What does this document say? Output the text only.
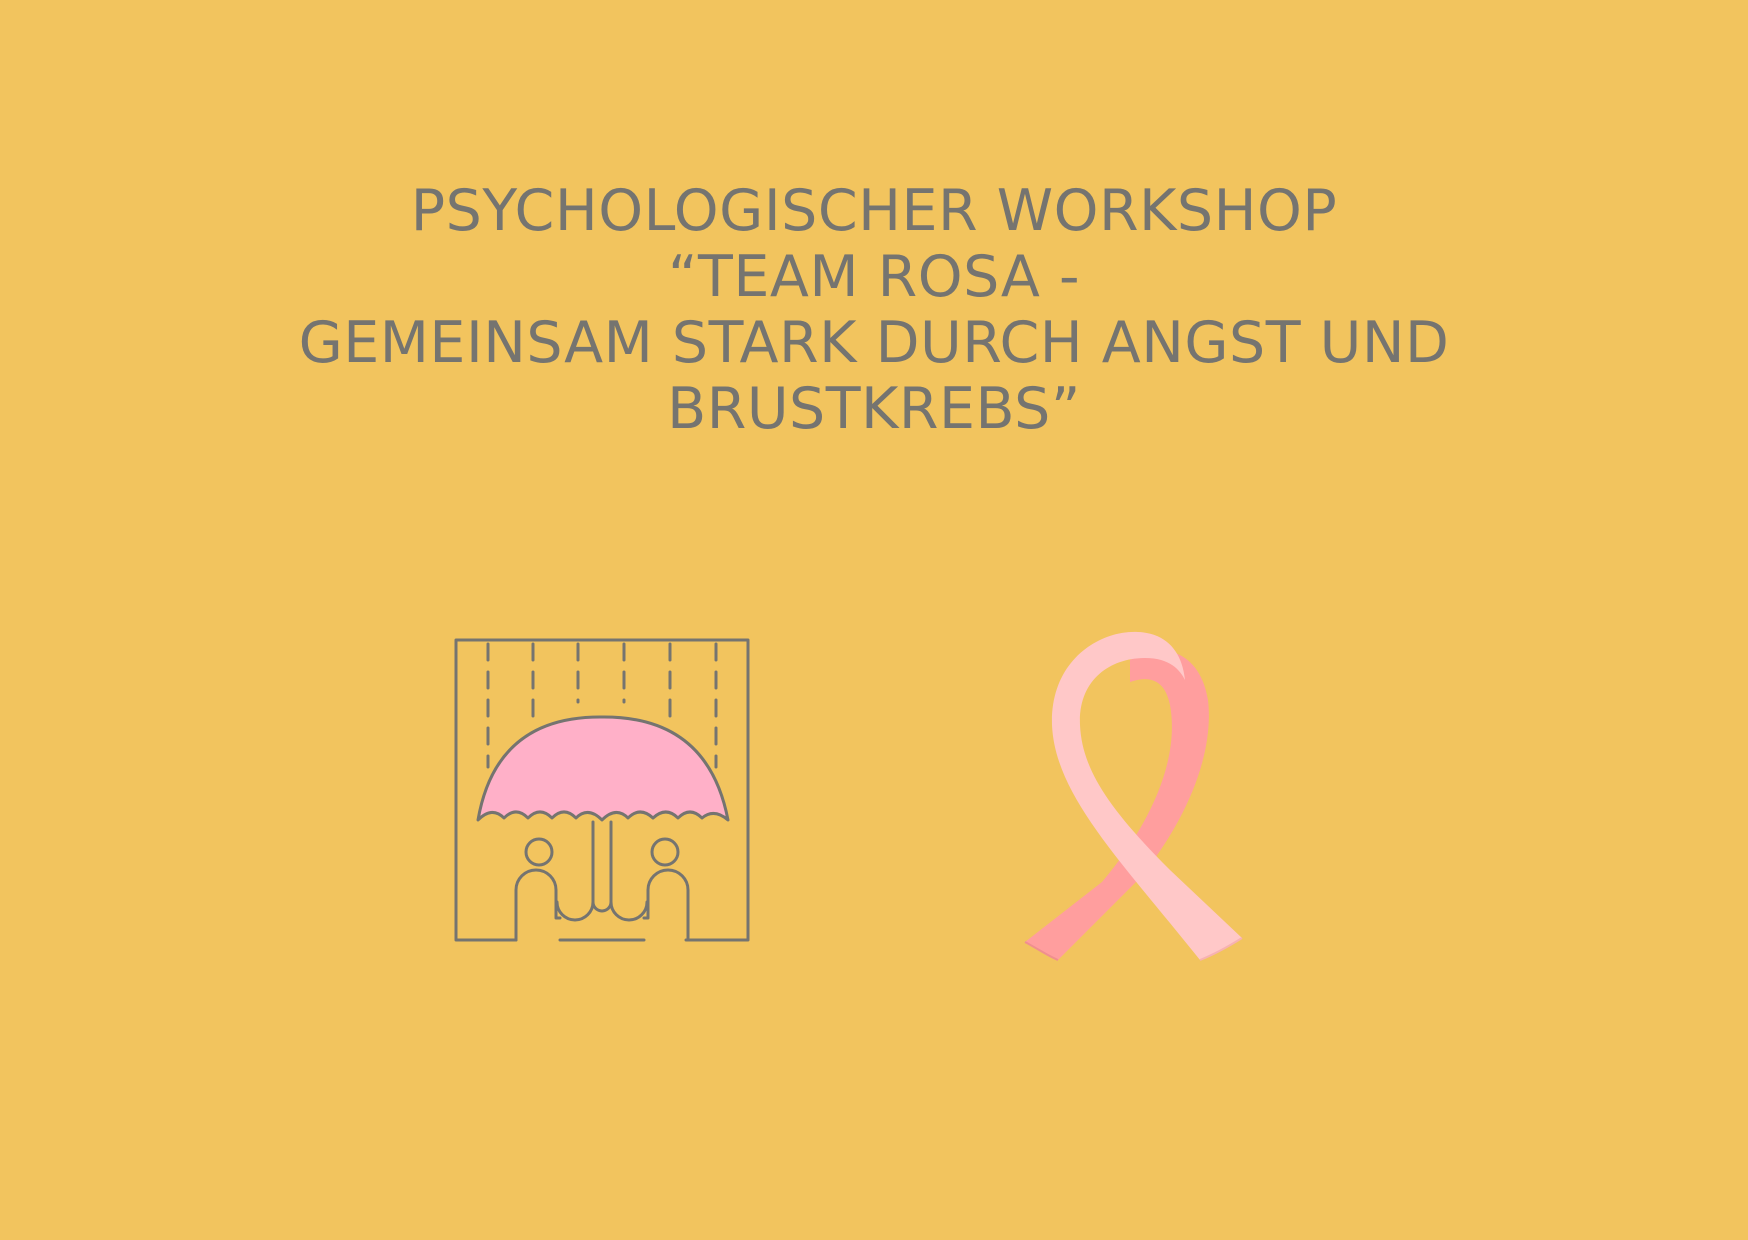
PSYCHOLOGISCHER WORKSHOP
“TEAM ROSA -
GEMEINSAM STARK DURCH ANGST UND
BRUSTKREBS”
